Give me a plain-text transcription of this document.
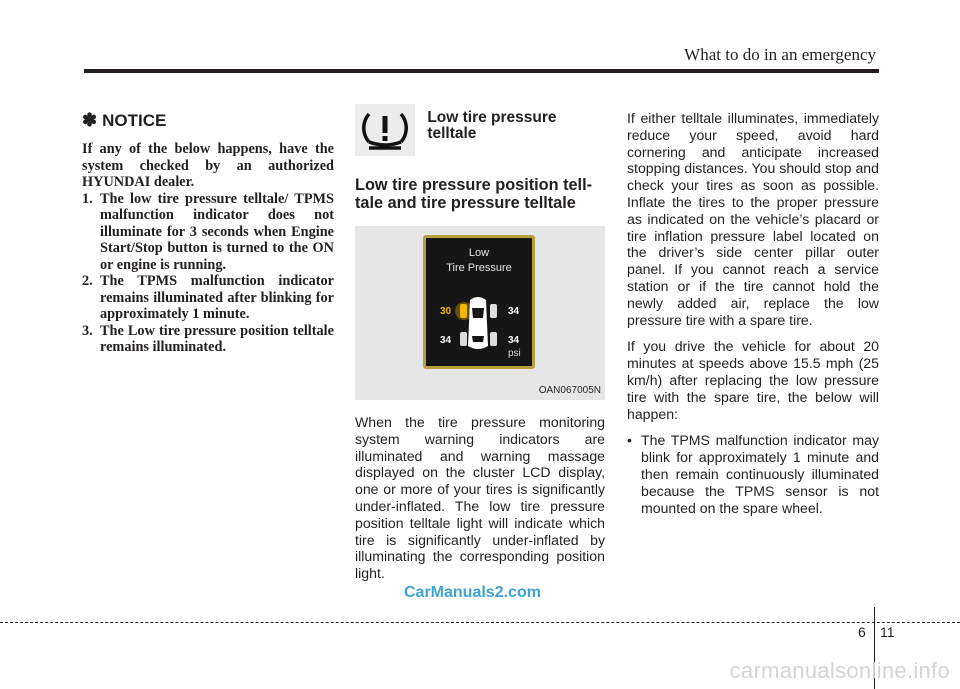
What to do in an emergency
✽ NOTICE
If any of the below happens, have the system checked by an authorized HYUNDAI dealer.
1. The low tire pressure telltale/ TPMS malfunction indicator does not illuminate for 3 seconds when Engine Start/Stop button is turned to the ON or engine is running.
2. The TPMS malfunction indicator remains illuminated after blinking for approximately 1 minute.
3. The Low tire pressure position telltale remains illuminated.
Low tire pressure telltale
Low tire pressure position tell-tale and tire pressure telltale
Low
Tire Pressure
30	34
34	34
psi
OAN067005N

When the tire pressure monitoring system warning indicators are illuminated and warning massage displayed on the cluster LCD display, one or more of your tires is significantly under-inflated. The low tire pressure position telltale light will indicate which tire is significantly under-inflated by illuminating the corresponding position light.

If either telltale illuminates, immediately reduce your speed, avoid hard cornering and anticipate increased stopping distances. You should stop and check your tires as soon as possible. Inflate the tires to the proper pressure as indicated on the vehicle’s placard or tire inflation pressure label located on the driver’s side center pillar outer panel. If you cannot reach a service station or if the tire cannot hold the newly added air, replace the low pressure tire with a spare tire.

If you drive the vehicle for about 20 minutes at speeds above 15.5 mph (25 km/h) after replacing the low pressure tire with the spare tire, the below will happen:

• The TPMS malfunction indicator may blink for approximately 1 minute and then remain continuously illuminated because the TPMS sensor is not mounted on the spare wheel.
CarManuals2.com
6 11
carmanualsonline.info
